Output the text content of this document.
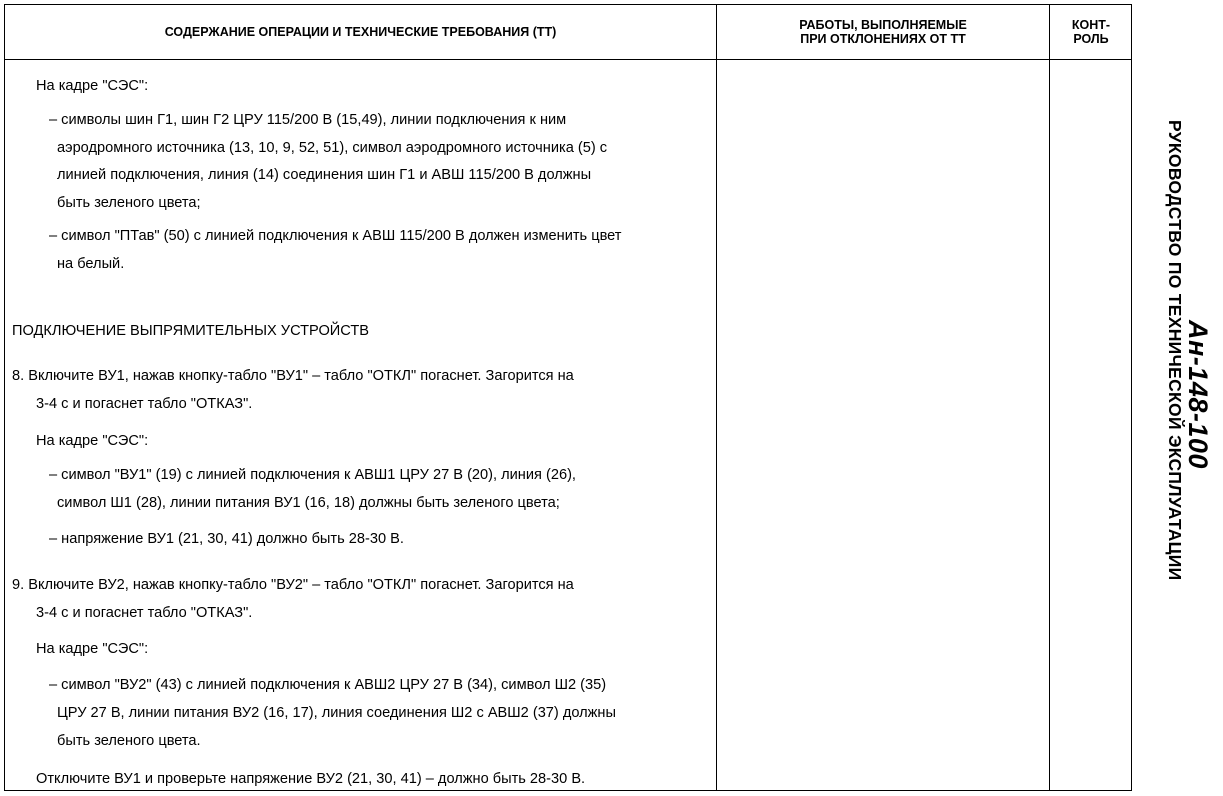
СОДЕРЖАНИЕ ОПЕРАЦИИ И ТЕХНИЧЕСКИЕ ТРЕБОВАНИЯ (ТТ)	РАБОТЫ, ВЫПОЛНЯЕМЫЕ
ПРИ ОТКЛОНЕНИЯХ ОТ ТТ
КОНТ-
РОЛЬ
На кадре "СЭС":
– символы шин Г1, шин Г2 ЦРУ 115/200 В (15,49), линии подключения к ним
аэродромного источника (13, 10, 9, 52, 51), символ аэродромного источника (5) с
линией подключения, линия (14) соединения шин Г1 и АВШ 115/200 В должны
быть зеленого цвета;
– символ "ПТав" (50) с линией подключения к АВШ 115/200 В должен изменить цвет
на белый.
ПОДКЛЮЧЕНИЕ ВЫПРЯМИТЕЛЬНЫХ УСТРОЙСТВ
8. Включите ВУ1, нажав кнопку-табло "ВУ1" – табло "ОТКЛ" погаснет. Загорится на
3-4 с и погаснет табло "ОТКАЗ".
На кадре "СЭС":
– символ "ВУ1" (19) с линией подключения к АВШ1 ЦРУ 27 В (20), линия (26),
символ Ш1 (28), линии питания ВУ1 (16, 18) должны быть зеленого цвета;
– напряжение ВУ1 (21, 30, 41) должно быть 28-30 В.
9. Включите ВУ2, нажав кнопку-табло "ВУ2" – табло "ОТКЛ" погаснет. Загорится на
3-4 с и погаснет табло "ОТКАЗ".
На кадре "СЭС":
– символ "ВУ2" (43) с линией подключения к АВШ2 ЦРУ 27 В (34), символ Ш2 (35)
ЦРУ 27 В, линии питания ВУ2 (16, 17), линия соединения Ш2 с АВШ2 (37) должны
быть зеленого цвета.
Отключите ВУ1 и проверьте напряжение ВУ2 (21, 30, 41) – должно быть 28-30 В.
Ан-148-100
РУКОВОДСТВО ПО ТЕХНИЧЕСКОЙ ЭКСПЛУАТАЦИИ
